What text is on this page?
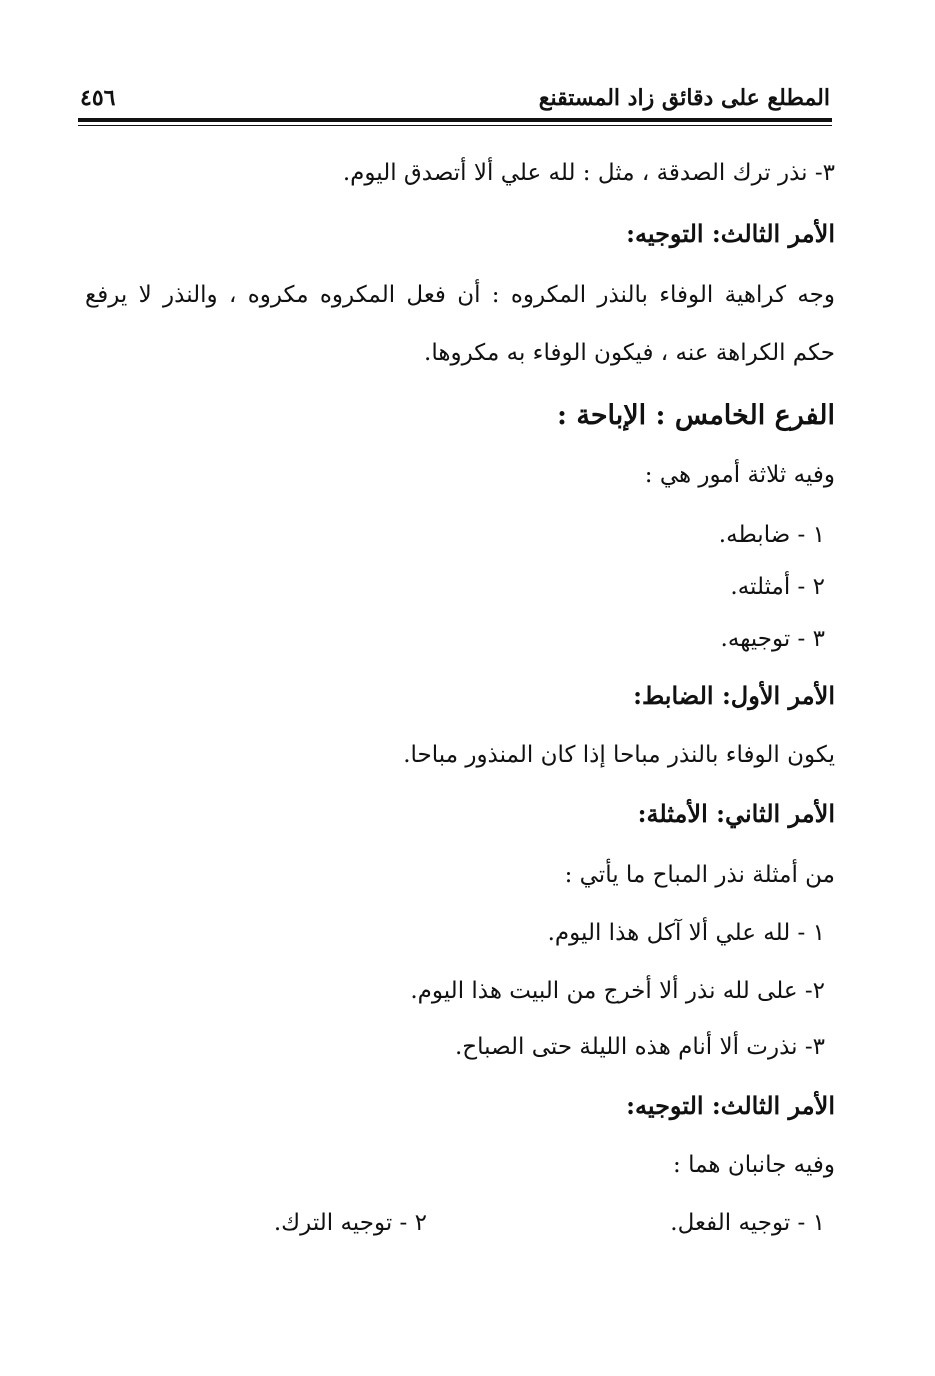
المطلع على دقائق زاد المستقنع
٤٥٦
٣- نذر ترك الصدقة ، مثل : لله علي ألا أتصدق اليوم.
الأمر الثالث: التوجيه:
وجه كراهية الوفاء بالنذر المكروه : أن فعل المكروه مكروه ، والنذر لا يرفع
حكم الكراهة عنه ، فيكون الوفاء به مكروها.
الفرع الخامس : الإباحة :
وفيه ثلاثة أمور هي :
١ - ضابطه.
٢ - أمثلته.
٣ - توجيهه.
الأمر الأول: الضابط:
يكون الوفاء بالنذر مباحا إذا كان المنذور مباحا.
الأمر الثاني: الأمثلة:
من أمثلة نذر المباح ما يأتي :
١ - لله علي ألا آكل هذا اليوم.
٢- على لله نذر ألا أخرج من البيت هذا اليوم.
٣- نذرت ألا أنام هذه الليلة حتى الصباح.
الأمر الثالث: التوجيه:
وفيه جانبان هما :
١ - توجيه الفعل.
٢ - توجيه الترك.
